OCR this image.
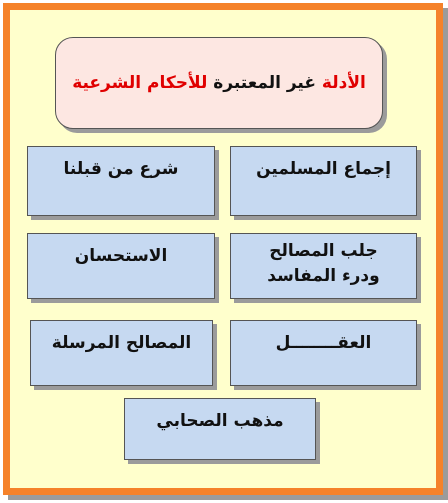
الأدلة

غير المعتبرة

للأحكام الشرعية
إجماع المسلمين
شرع من قبلنا
جلب المصالح
ودرء المفاسد
الاستحسان
العقــــــــل
المصالح المرسلة
مذهب الصحابي
